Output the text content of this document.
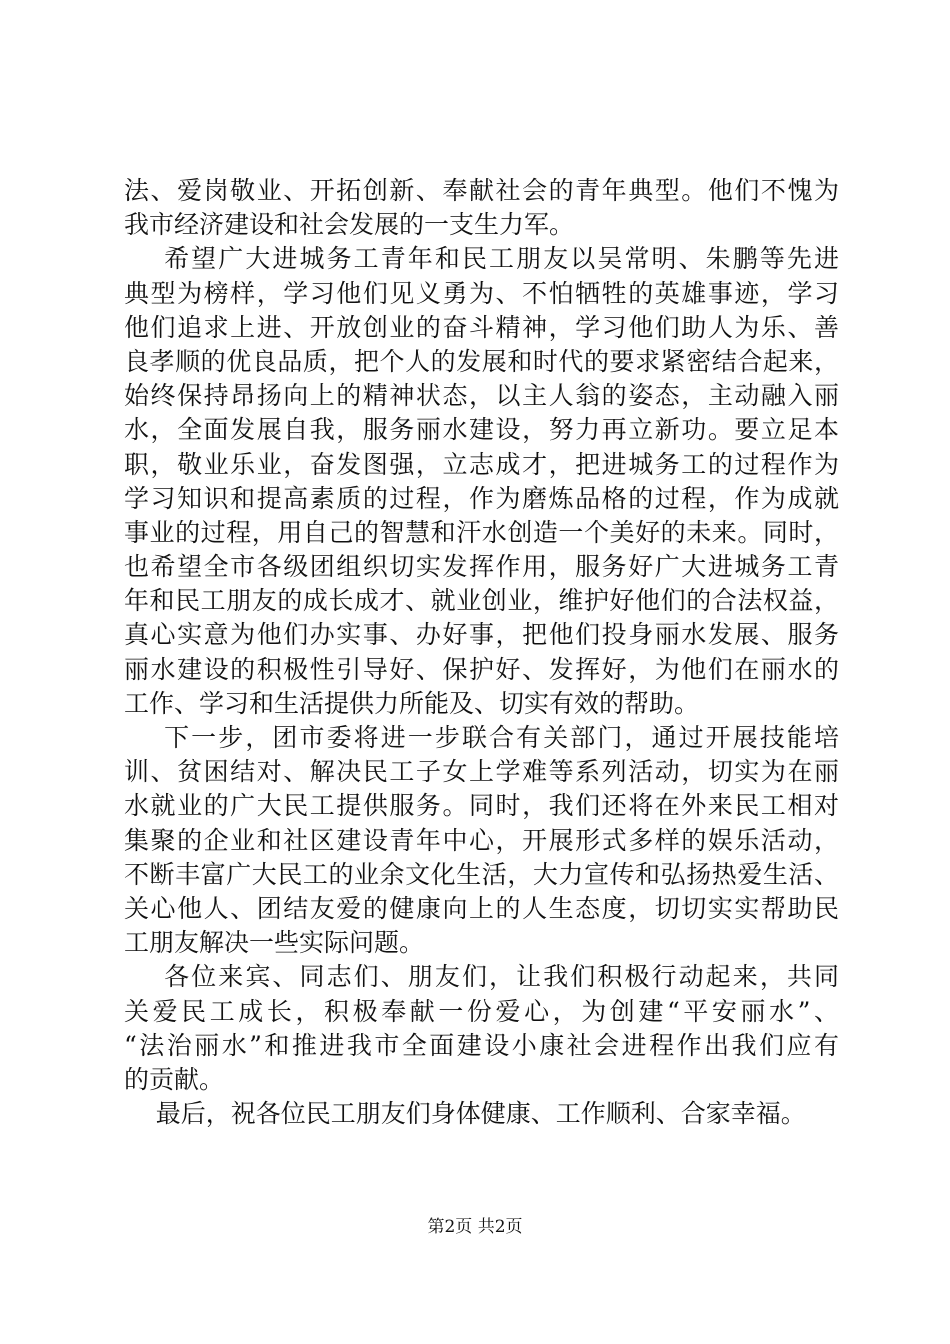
法、爱岗敬业、开拓创新、奉献社会的青年典型。他们不愧为
我市经济建设和社会发展的一支生力军。
希望广大进城务工青年和民工朋友以吴常明、朱鹏等先进
典型为榜样，学习他们见义勇为、不怕牺牲的英雄事迹，学习
他们追求上进、开放创业的奋斗精神，学习他们助人为乐、善
良孝顺的优良品质，把个人的发展和时代的要求紧密结合起来，
始终保持昂扬向上的精神状态，以主人翁的姿态，主动融入丽
水，全面发展自我，服务丽水建设，努力再立新功。要立足本
职，敬业乐业，奋发图强，立志成才，把进城务工的过程作为
学习知识和提高素质的过程，作为磨炼品格的过程，作为成就
事业的过程，用自己的智慧和汗水创造一个美好的未来。同时，
也希望全市各级团组织切实发挥作用，服务好广大进城务工青
年和民工朋友的成长成才、就业创业，维护好他们的合法权益，
真心实意为他们办实事、办好事，把他们投身丽水发展、服务
丽水建设的积极性引导好、保护好、发挥好，为他们在丽水的
工作、学习和生活提供力所能及、切实有效的帮助。
下一步，团市委将进一步联合有关部门，通过开展技能培
训、贫困结对、解决民工子女上学难等系列活动，切实为在丽
水就业的广大民工提供服务。同时，我们还将在外来民工相对
集聚的企业和社区建设青年中心，开展形式多样的娱乐活动，
不断丰富广大民工的业余文化生活，大力宣传和弘扬热爱生活、
关心他人、团结友爱的健康向上的人生态度，切切实实帮助民
工朋友解决一些实际问题。
各位来宾、同志们、朋友们，让我们积极行动起来，共同
关爱民工成长，积极奉献一份爱心，为创建“平安丽水”、
“法治丽水”和推进我市全面建设小康社会进程作出我们应有
的贡献。
最后，祝各位民工朋友们身体健康、工作顺利、合家幸福。
第2页 共2页
